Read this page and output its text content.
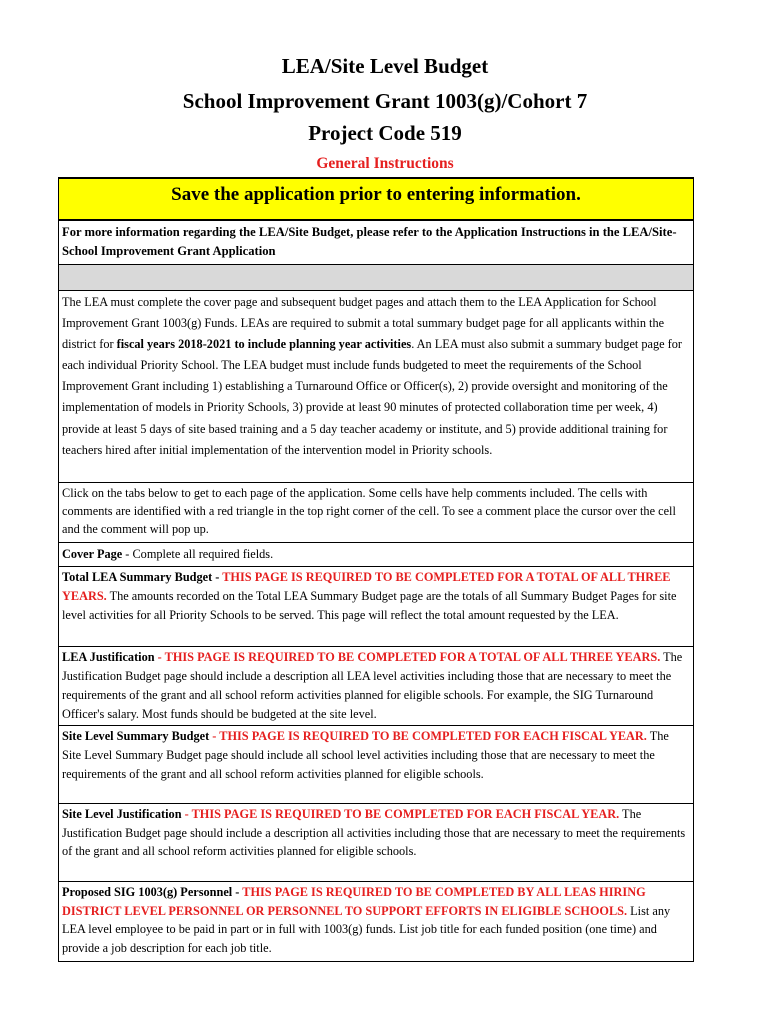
LEA/Site Level Budget
School Improvement Grant 1003(g)/Cohort 7
Project Code 519
General Instructions
Save the application prior to entering information.
For more information regarding the LEA/Site Budget, please refer to the Application Instructions in the LEA/Site-School Improvement Grant Application
The LEA must complete the cover page and subsequent budget pages and attach them to the LEA Application for School Improvement Grant 1003(g) Funds. LEAs are required to submit a total summary budget page for all applicants within the district for fiscal years 2018-2021 to include planning year activities. An LEA must also submit a summary budget page for each individual Priority School. The LEA budget must include funds budgeted to meet the requirements of the School Improvement Grant including 1) establishing a Turnaround Office or Officer(s), 2) provide oversight and monitoring of the implementation of models in Priority Schools, 3) provide at least 90 minutes of protected collaboration time per week, 4) provide at least 5 days of site based training and a 5 day teacher academy or institute, and 5) provide additional training for teachers hired after initial implementation of the intervention model in Priority schools.
Click on the tabs below to get to each page of the application. Some cells have help comments included. The cells with comments are identified with a red triangle in the top right corner of the cell. To see a comment place the cursor over the cell and the comment will pop up.
Cover Page - Complete all required fields.
Total LEA Summary Budget - THIS PAGE IS REQUIRED TO BE COMPLETED FOR A TOTAL OF ALL THREE YEARS. The amounts recorded on the Total LEA Summary Budget page are the totals of all Summary Budget Pages for site level activities for all Priority Schools to be served. This page will reflect the total amount requested by the LEA.
LEA Justification - THIS PAGE IS REQUIRED TO BE COMPLETED FOR A TOTAL OF ALL THREE YEARS. The Justification Budget page should include a description all LEA level activities including those that are necessary to meet the requirements of the grant and all school reform activities planned for eligible schools. For example, the SIG Turnaround Officer's salary. Most funds should be budgeted at the site level.
Site Level Summary Budget - THIS PAGE IS REQUIRED TO BE COMPLETED FOR EACH FISCAL YEAR. The Site Level Summary Budget page should include all school level activities including those that are necessary to meet the requirements of the grant and all school reform activities planned for eligible schools.
Site Level Justification - THIS PAGE IS REQUIRED TO BE COMPLETED FOR EACH FISCAL YEAR. The Justification Budget page should include a description all activities including those that are necessary to meet the requirements of the grant and all school reform activities planned for eligible schools.
Proposed SIG 1003(g) Personnel - THIS PAGE IS REQUIRED TO BE COMPLETED BY ALL LEAS HIRING DISTRICT LEVEL PERSONNEL OR PERSONNEL TO SUPPORT EFFORTS IN ELIGIBLE SCHOOLS. List any LEA level employee to be paid in part or in full with 1003(g) funds. List job title for each funded position (one time) and provide a job description for each job title.
